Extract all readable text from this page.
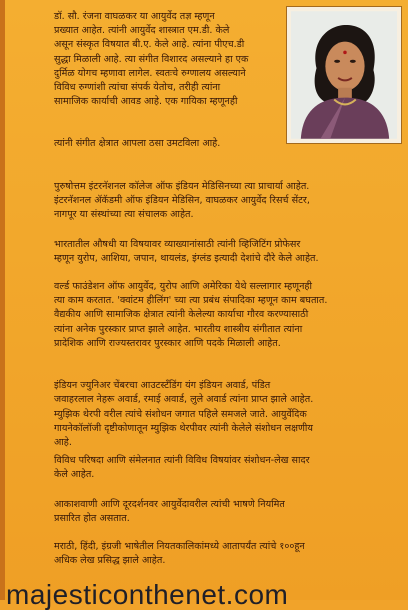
डॉ. सौ. रंजना वाघळकर या आयुर्वेद तज्ञ म्हणून
प्रख्यात आहेत. त्यांनी आयुर्वेद शास्त्रात एम.डी. केले
असून संस्कृत विषयात बी.ए. केले आहे. त्यांना पीएच.डी
सुद्धा मिळाली आहे. त्या संगीत विशारद असल्याने हा एक
दुर्मिळ योगच म्हणावा लागेल. स्वतःचे रुग्णालय असल्याने
विविध रुग्णांशी त्यांचा संपर्क येतोच, तरीही त्यांना
सामाजिक कार्याची आवड आहे. एक गायिका म्हणूनही

त्यांनी संगीत क्षेत्रात आपला ठसा उमटविला आहे.

पुरुषोत्तम इंटरनॅशनल कॉलेज ऑफ इंडियन मेडिसिनच्या त्या प्राचार्या आहेत.
इंटरनॅशनल ॲकॅडमी ऑफ इंडियन मेडिसिन, वाघळकर आयुर्वेद रिसर्च सेंटर,
नागपूर या संस्थांच्या त्या संचालक आहेत.

भारतातील औषधी या विषयावर व्याख्यानांसाठी त्यांनी व्हिजिटिंग प्रोफेसर
म्हणून युरोप, आशिया, जपान, थायलंड, इंग्लंड इत्यादी देशांचे दौरे केले आहेत.

वर्ल्ड फाउंडेशन ऑफ आयुर्वेद, युरोप आणि अमेरिका येथे सल्लागार म्हणूनही
त्या काम करतात. 'क्वांटम हीलिंग' च्या त्या प्रबंध संपादिका म्हणून काम बघतात.
वैद्यकीय आणि सामाजिक क्षेत्रात त्यांनी केलेल्या कार्याचा गौरव करण्यासाठी
त्यांना अनेक पुरस्कार प्राप्त झाले आहेत. भारतीय शास्त्रीय संगीतात त्यांना
प्रादेशिक आणि राज्यस्तरावर पुरस्कार आणि पदके मिळाली आहेत.

इंडियन ज्युनिअर चेंबरचा आउटस्टँडिंग यंग इंडियन अवार्ड, पंडित
जवाहरलाल नेहरू अवार्ड, रमाई अवार्ड, लुले अवार्ड त्यांना प्राप्त झाले आहेत.

म्युझिक थेरपी वरील त्यांचे संशोधन जगात पहिले समजले जाते. आयुर्वेदिक
गायनेकॉलॉजी दृष्टीकोणातून म्युझिक थेरपीवर त्यांनी केलेले संशोधन लक्षणीय
आहे.

विविध परिषदा आणि संमेलनात त्यांनी विविध विषयांवर संशोधन-लेख सादर
केले आहेत.

आकाशवाणी आणि दूरदर्शनवर आयुर्वेदावरील त्यांची भाषणे नियमित
प्रसारित होत असतात.

मराठी, हिंदी, इंग्रजी भाषेतील नियतकालिकांमध्ये आतापर्यंत त्यांचे १००हून
अधिक लेख प्रसिद्ध झाले आहेत.

majesticonthenet.com
